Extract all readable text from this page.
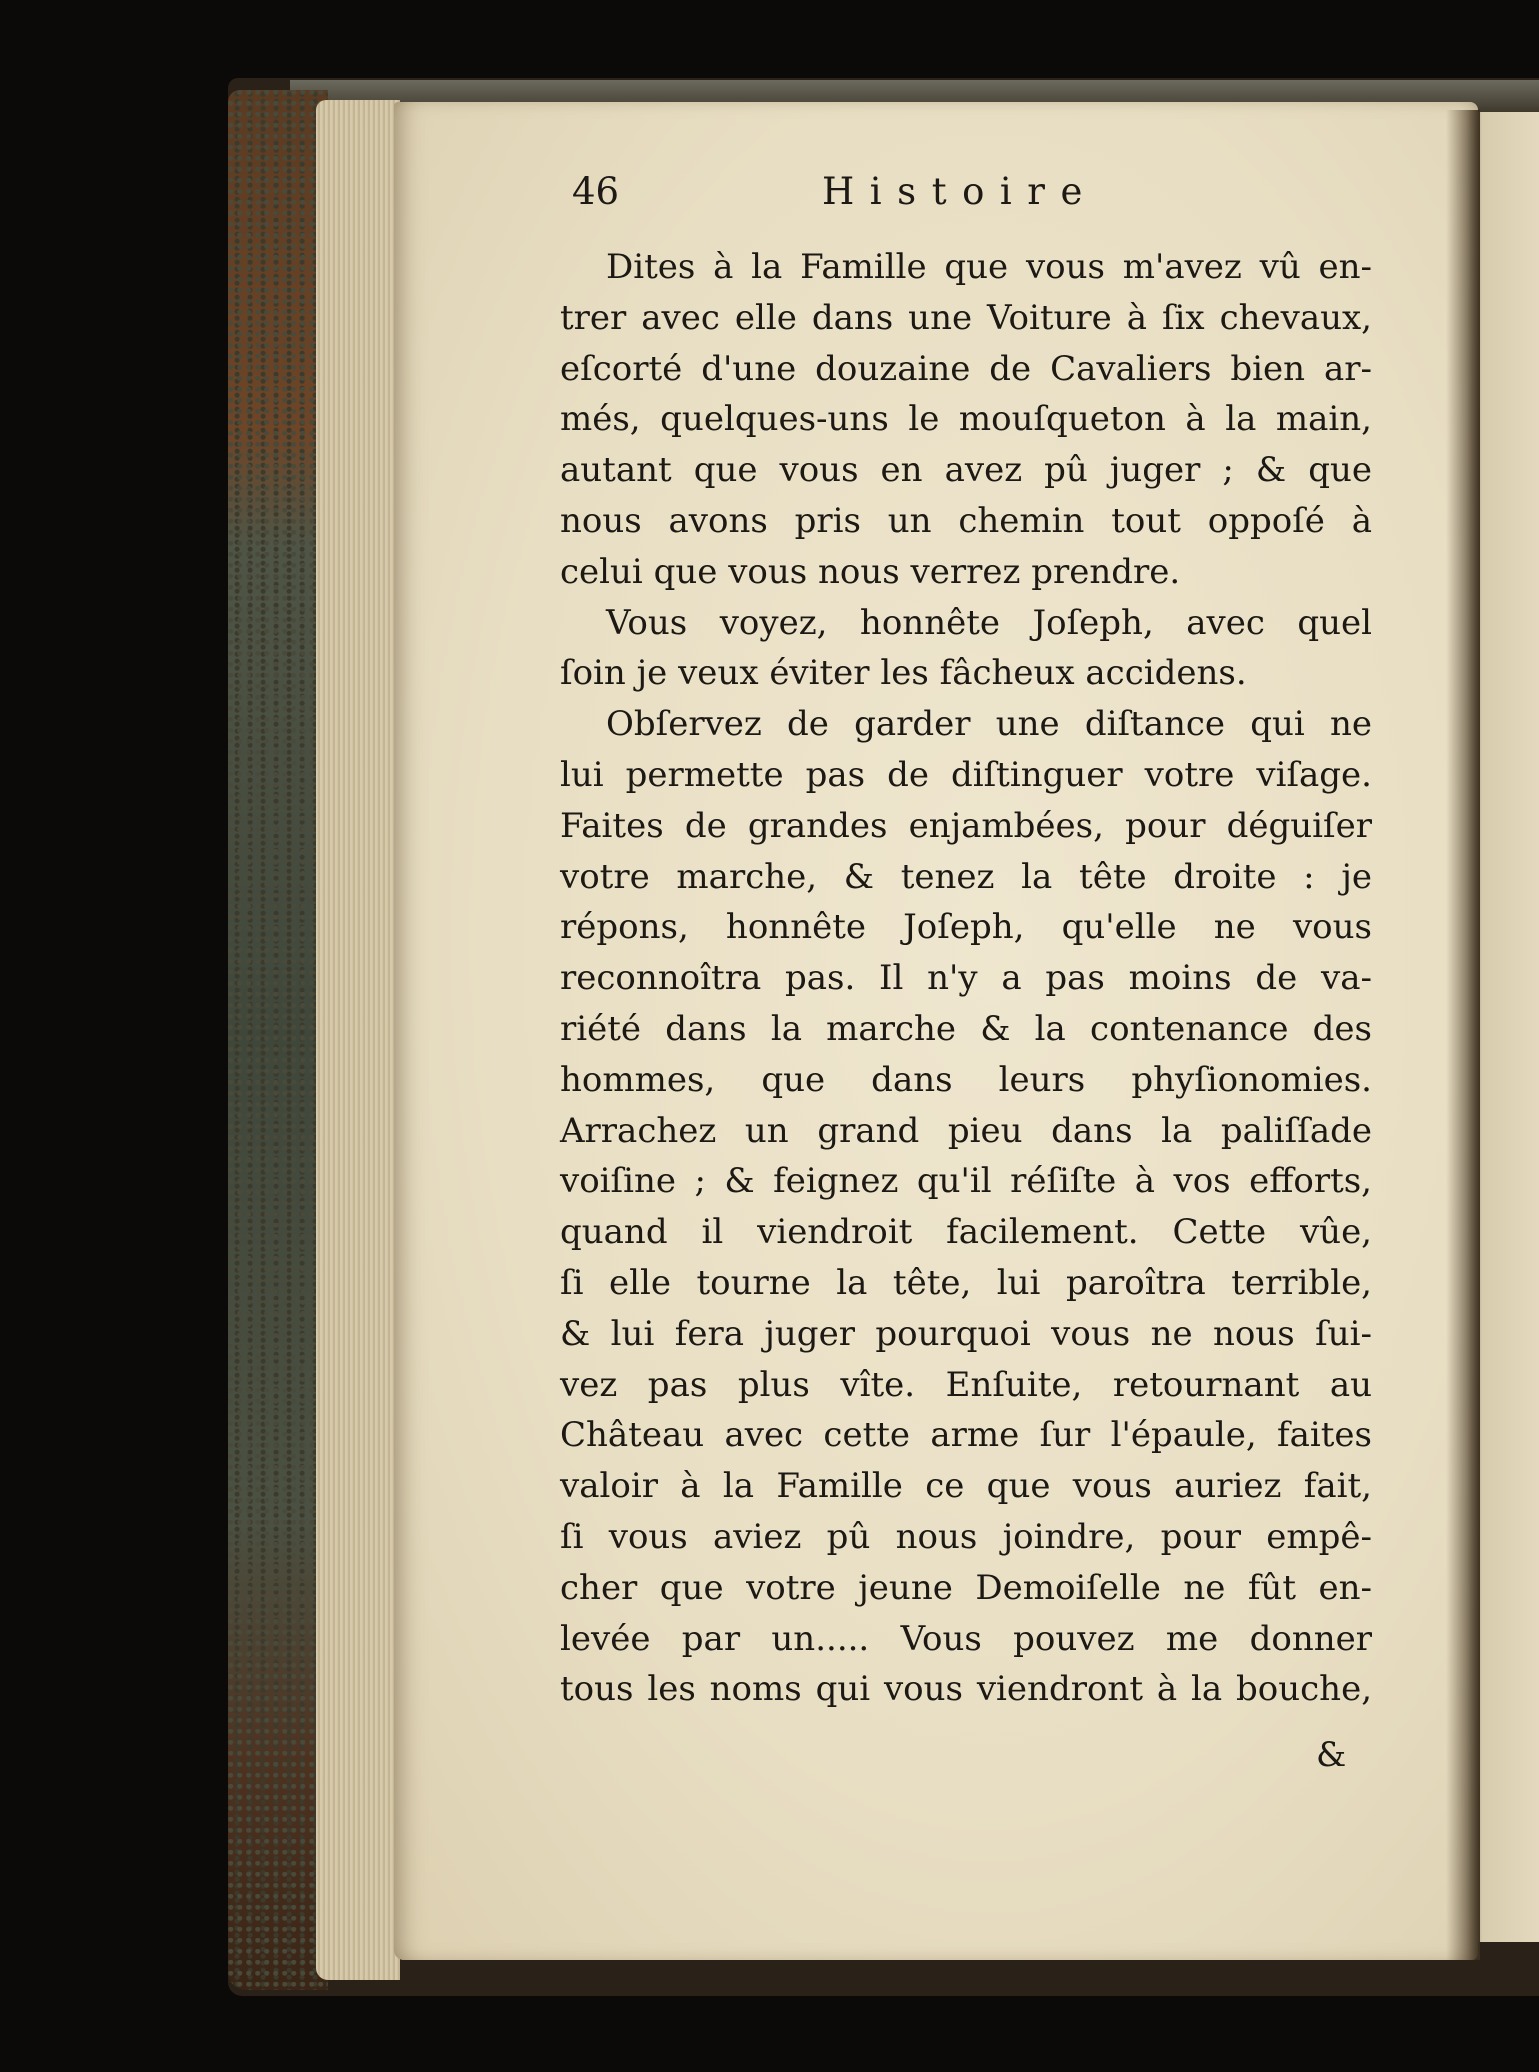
46	Histoire
Dites à la Famille que vous m'avez vû en-
trer avec elle dans une Voiture à ſix chevaux,
eſcorté d'une douzaine de Cavaliers bien ar-
més, quelques-uns le mouſqueton à la main,
autant que vous en avez pû juger ; & que
nous avons pris un chemin tout oppoſé à
celui que vous nous verrez prendre.
Vous voyez, honnête Joſeph, avec quel
ſoin je veux éviter les fâcheux accidens.
Obſervez de garder une diſtance qui ne
lui permette pas de diſtinguer votre viſage.
Faites de grandes enjambées, pour déguiſer
votre marche, & tenez la tête droite : je
répons, honnête Joſeph, qu'elle ne vous
reconnoîtra pas. Il n'y a pas moins de va-
riété dans la marche & la contenance des
hommes, que dans leurs phyſionomies.
Arrachez un grand pieu dans la paliſſade
voiſine ; & feignez qu'il réſiſte à vos efforts,
quand il viendroit facilement. Cette vûe,
ſi elle tourne la tête, lui paroîtra terrible,
& lui fera juger pourquoi vous ne nous ſui-
vez pas plus vîte. Enſuite, retournant au
Château avec cette arme ſur l'épaule, faites
valoir à la Famille ce que vous auriez fait,
ſi vous aviez pû nous joindre, pour empê-
cher que votre jeune Demoiſelle ne fût en-
levée par un..... Vous pouvez me donner
tous les noms qui vous viendront à la bouche,
&
